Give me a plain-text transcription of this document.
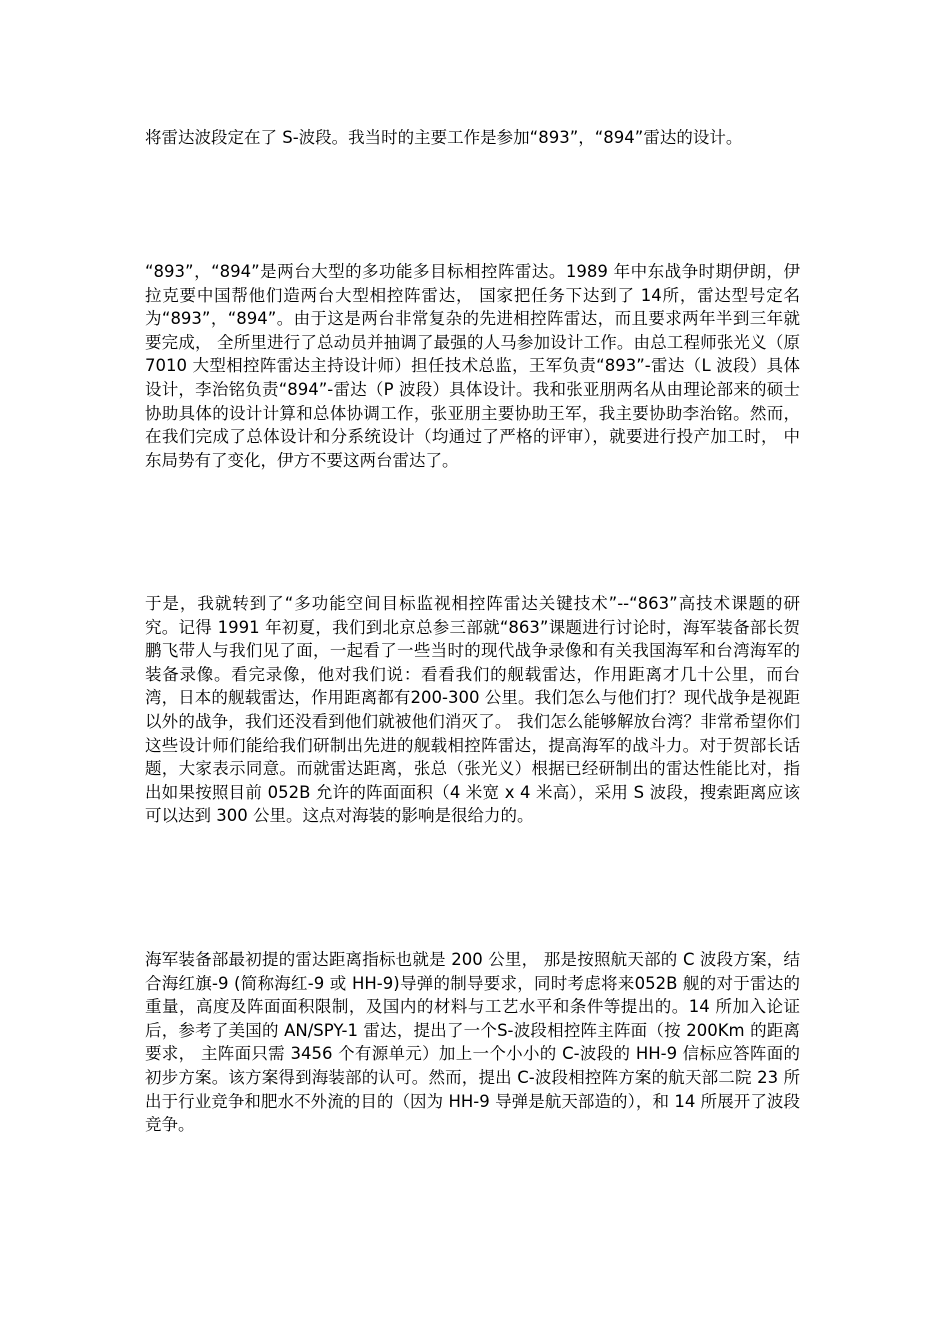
将雷达波段定在了 S-波段。我当时的主要工作是参加“893”，“894”雷达的设计。

“893”，“894”是两台大型的多功能多目标相控阵雷达。1989 年中东战争时期伊朗，伊拉克要中国帮他们造两台大型相控阵雷达， 国家把任务下达到了 14所，雷达型号定名为“893”，“894”。由于这是两台非常复杂的先进相控阵雷达，而且要求两年半到三年就要完成， 全所里进行了总动员并抽调了最强的人马参加设计工作。由总工程师张光义（原 7010 大型相控阵雷达主持设计师）担任技术总监，王军负责“893”-雷达（L 波段）具体设计，李治铭负责“894”-雷达（P 波段）具体设计。我和张亚朋两名从由理论部来的硕士协助具体的设计计算和总体协调工作，张亚朋主要协助王军，我主要协助李治铭。然而，在我们完成了总体设计和分系统设计（均通过了严格的评审），就要进行投产加工时， 中东局势有了变化，伊方不要这两台雷达了。

于是，我就转到了“多功能空间目标监视相控阵雷达关键技术”--“863”高技术课题的研究。记得 1991 年初夏，我们到北京总参三部就“863”课题进行讨论时，海军装备部长贺鹏飞带人与我们见了面，一起看了一些当时的现代战争录像和有关我国海军和台湾海军的装备录像。看完录像，他对我们说：看看我们的舰载雷达，作用距离才几十公里，而台湾，日本的舰载雷达，作用距离都有200-300 公里。我们怎么与他们打？现代战争是视距以外的战争，我们还没看到他们就被他们消灭了。 我们怎么能够解放台湾？非常希望你们这些设计师们能给我们研制出先进的舰载相控阵雷达，提高海军的战斗力。对于贺部长话题，大家表示同意。而就雷达距离，张总（张光义）根据已经研制出的雷达性能比对，指出如果按照目前 052B 允许的阵面面积（4 米宽 x 4 米高），采用 S 波段，搜索距离应该可以达到 300 公里。这点对海装的影响是很给力的。

海军装备部最初提的雷达距离指标也就是 200 公里， 那是按照航天部的 C 波段方案，结合海红旗-9 (简称海红-9 或 HH-9)导弹的制导要求，同时考虑将来052B 舰的对于雷达的重量，高度及阵面面积限制，及国内的材料与工艺水平和条件等提出的。14 所加入论证后，参考了美国的 AN/SPY-1 雷达，提出了一个S-波段相控阵主阵面（按 200Km 的距离要求， 主阵面只需 3456 个有源单元）加上一个小小的 C-波段的 HH-9 信标应答阵面的初步方案。该方案得到海装部的认可。然而，提出 C-波段相控阵方案的航天部二院 23 所出于行业竞争和肥水不外流的目的（因为 HH-9 导弹是航天部造的），和 14 所展开了波段竞争。
